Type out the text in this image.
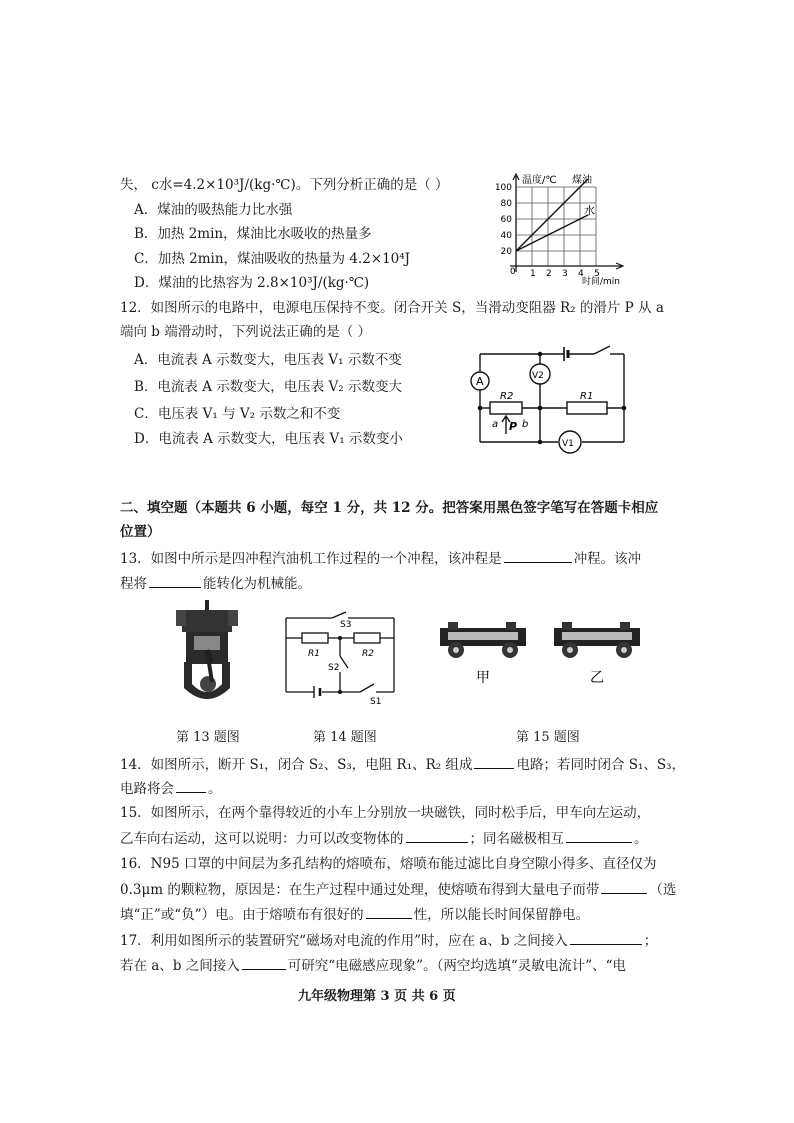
失， c水=4.2×10³J/(kg·℃)。下列分析正确的是（ ）
A．煤油的吸热能力比水强
B．加热 2min，煤油比水吸收的热量多
C．加热 2min，煤油吸收的热量为 4.2×10⁴J
D．煤油的比热容为 2.8×10³J/(kg·℃)
温度/℃ 煤油
水
100
80
60
40
20
0 1 2 3 4 5
时间/min
12．如图所示的电路中，电源电压保持不变。闭合开关 S，当滑动变阻器 R₂ 的滑片 P 从 a
端向 b 端滑动时，下列说法正确的是（ ）
A．电流表 A 示数变大，电压表 V₁ 示数不变
B．电流表 A 示数变大，电压表 V₂ 示数变大
C．电压表 V₁ 与 V₂ 示数之和不变
D．电流表 A 示数变大，电压表 V₁ 示数变小
A	V2
V1
R2	R1
a b
P
二、填空题（本题共 6 小题，每空 1 分，共 12 分。把答案用黑色签字笔写在答题卡相应
位置）
13．如图中所示是四冲程汽油机工作过程的一个冲程，该冲程是	冲程。该冲
程将	能转化为机械能。
S3
R1	R2
S2
S1
甲	乙
第 13 题图	第 14 题图	第 15 题图
14．如图所示，断开 S₁，闭合 S₂、S₃，电阻 R₁、R₂ 组成	电路；若同时闭合 S₁、S₃，
电路将会	。
15．如图所示，在两个靠得较近的小车上分别放一块磁铁，同时松手后，甲车向左运动，
乙车向右运动，这可以说明：力可以改变物体的	；同名磁极相互	。
16．N95 口罩的中间层为多孔结构的熔喷布，熔喷布能过滤比自身空隙小得多、直径仅为
0.3μm 的颗粒物，原因是：在生产过程中通过处理，使熔喷布得到大量电子而带	（选
填“正”或“负”）电。由于熔喷布有很好的	性，所以能长时间保留静电。
17．利用如图所示的装置研究“磁场对电流的作用”时，应在 a、b 之间接入	；
若在 a、b 之间接入	可研究“电磁感应现象”。（两空均选填“灵敏电流计”、“电
九年级物理第 3 页 共 6 页
